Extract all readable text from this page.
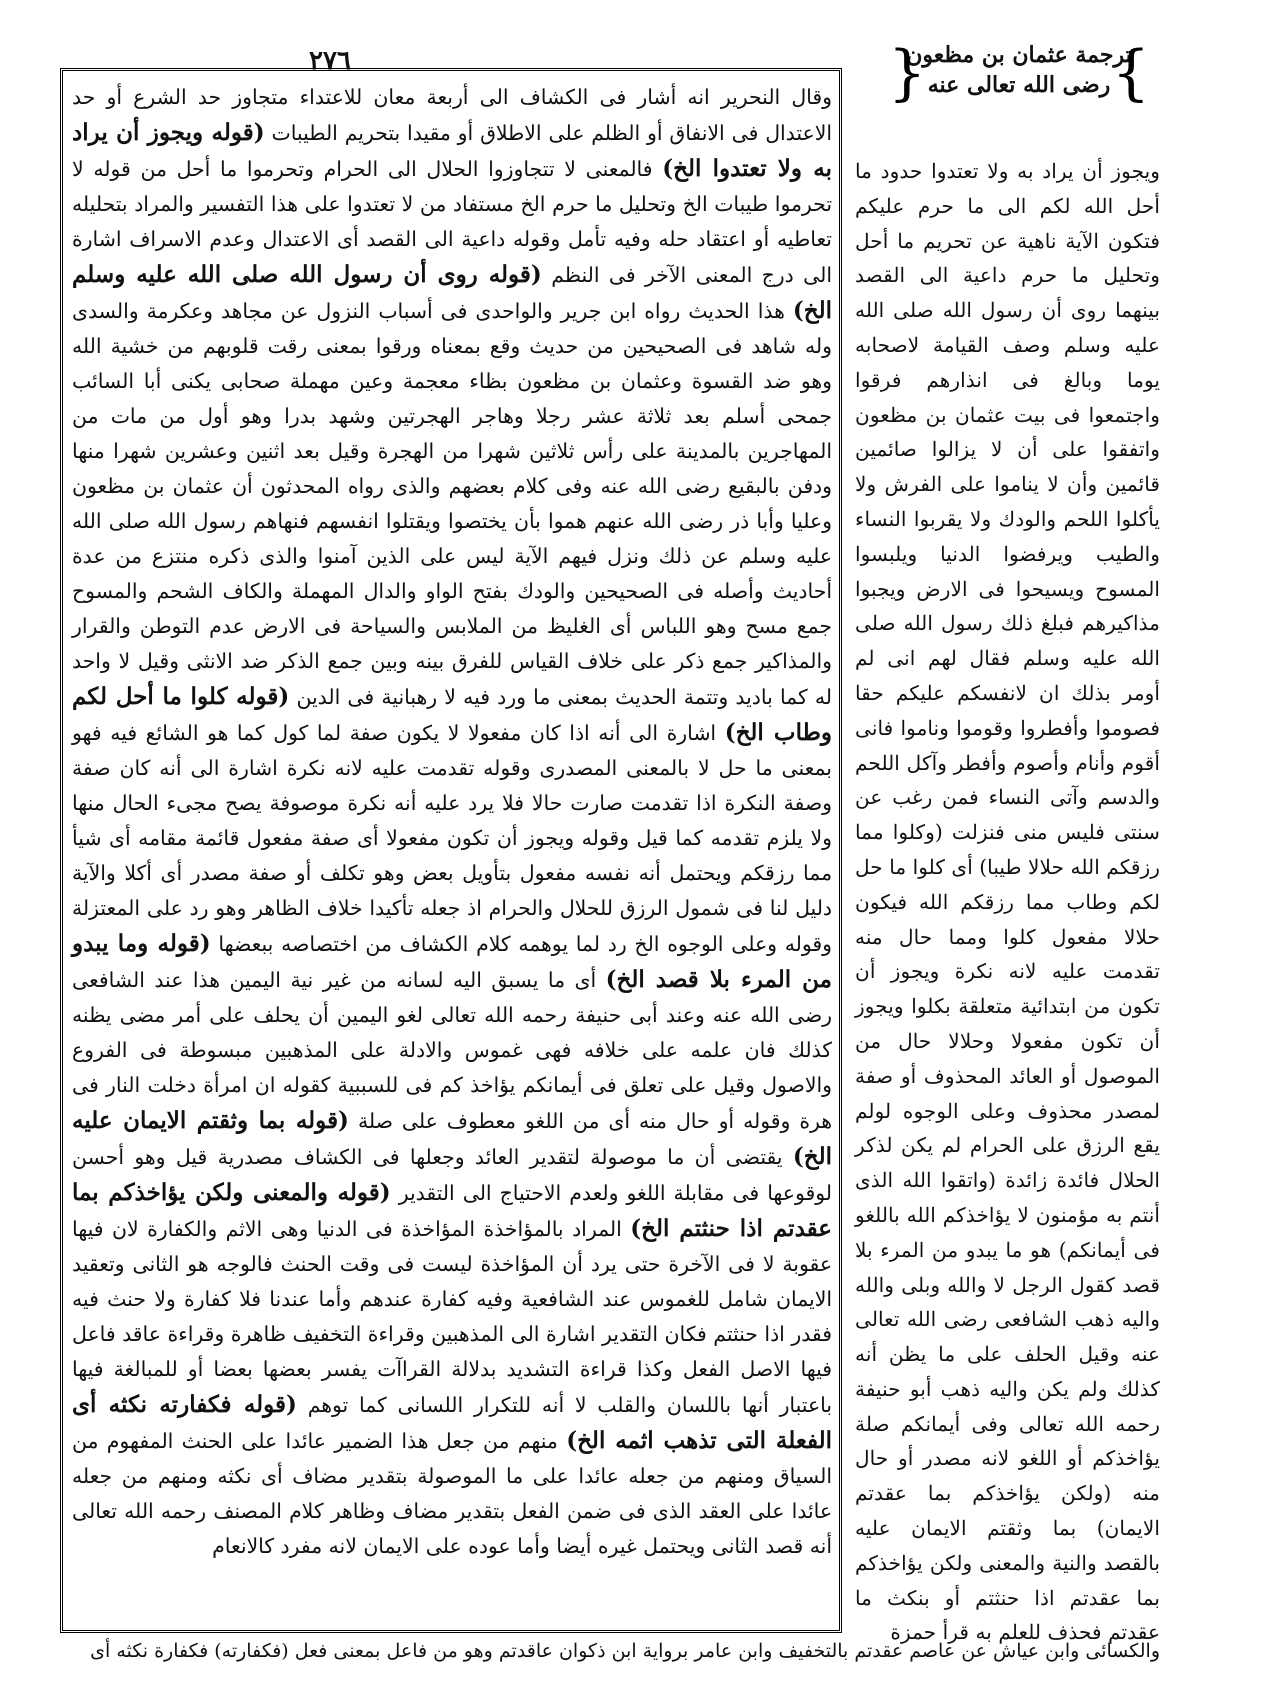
٢٧٦	}
ترجمة عثمان بن مظعون
رضى الله تعالى عنه
{
وقال النحرير انه أشار فى الكشاف الى أربعة معان للاعتداء متجاوز حد الشرع أو حد الاعتدال فى الانفاق أو الظلم على الاطلاق أو مقيدا بتحريم الطيبات (قوله ويجوز أن يراد به ولا تعتدوا الخ) فالمعنى لا تتجاوزوا الحلال الى الحرام وتحرموا ما أحل من قوله لا تحرموا طيبات الخ وتحليل ما حرم الخ مستفاد من لا تعتدوا على هذا التفسير والمراد بتحليله تعاطيه أو اعتقاد حله وفيه تأمل وقوله داعية الى القصد أى الاعتدال وعدم الاسراف اشارة الى درج المعنى الآخر فى النظم (قوله روى أن رسول الله صلى الله عليه وسلم الخ) هذا الحديث رواه ابن جرير والواحدى فى أسباب النزول عن مجاهد وعكرمة والسدى وله شاهد فى الصحيحين من حديث وقع بمعناه ورقوا بمعنى رقت قلوبهم من خشية الله وهو ضد القسوة وعثمان بن مظعون بظاء معجمة وعين مهملة صحابى يكنى أبا السائب جمحى أسلم بعد ثلاثة عشر رجلا وهاجر الهجرتين وشهد بدرا وهو أول من مات من المهاجرين بالمدينة على رأس ثلاثين شهرا من الهجرة وقيل بعد اثنين وعشرين شهرا منها ودفن بالبقيع رضى الله عنه وفى كلام بعضهم والذى رواه المحدثون أن عثمان بن مظعون وعليا وأبا ذر رضى الله عنهم هموا بأن يختصوا ويقتلوا انفسهم فنهاهم رسول الله صلى الله عليه وسلم عن ذلك ونزل فيهم الآية ليس على الذين آمنوا والذى ذكره منتزع من عدة أحاديث وأصله فى الصحيحين والودك بفتح الواو والدال المهملة والكاف الشحم والمسوح جمع مسح وهو اللباس أى الغليظ من الملابس والسياحة فى الارض عدم التوطن والقرار والمذاكير جمع ذكر على خلاف القياس للفرق بينه وبين جمع الذكر ضد الانثى وقيل لا واحد له كما باديد وتتمة الحديث بمعنى ما ورد فيه لا رهبانية فى الدين (قوله كلوا ما أحل لكم وطاب الخ) اشارة الى أنه اذا كان مفعولا لا يكون صفة لما كول كما هو الشائع فيه فهو بمعنى ما حل لا بالمعنى المصدرى وقوله تقدمت عليه لانه نكرة اشارة الى أنه كان صفة وصفة النكرة اذا تقدمت صارت حالا فلا يرد عليه أنه نكرة موصوفة يصح مجىء الحال منها ولا يلزم تقدمه كما قيل وقوله ويجوز أن تكون مفعولا أى صفة مفعول قائمة مقامه أى شيأ مما رزقكم ويحتمل أنه نفسه مفعول بتأويل بعض وهو تكلف أو صفة مصدر أى أكلا والآية دليل لنا فى شمول الرزق للحلال والحرام اذ جعله تأكيدا خلاف الظاهر وهو رد على المعتزلة وقوله وعلى الوجوه الخ رد لما يوهمه كلام الكشاف من اختصاصه ببعضها (قوله وما يبدو من المرء بلا قصد الخ) أى ما يسبق اليه لسانه من غير نية اليمين هذا عند الشافعى رضى الله عنه وعند أبى حنيفة رحمه الله تعالى لغو اليمين أن يحلف على أمر مضى يظنه كذلك فان علمه على خلافه فهى غموس والادلة على المذهبين مبسوطة فى الفروع والاصول وقيل على تعلق فى أيمانكم يؤاخذ كم فى للسببية كقوله ان امرأة دخلت النار فى هرة وقوله أو حال منه أى من اللغو معطوف على صلة (قوله بما وثقتم الايمان عليه الخ) يقتضى أن ما موصولة لتقدير العائد وجعلها فى الكشاف مصدرية قيل وهو أحسن لوقوعها فى مقابلة اللغو ولعدم الاحتياج الى التقدير (قوله والمعنى ولكن يؤاخذكم بما عقدتم اذا حنثتم الخ) المراد بالمؤاخذة المؤاخذة فى الدنيا وهى الاثم والكفارة لان فيها عقوبة لا فى الآخرة حتى يرد أن المؤاخذة ليست فى وقت الحنث فالوجه هو الثانى وتعقيد الايمان شامل للغموس عند الشافعية وفيه كفارة عندهم وأما عندنا فلا كفارة ولا حنث فيه فقدر اذا حنثتم فكان التقدير اشارة الى المذهبين وقراءة التخفيف ظاهرة وقراءة عاقد فاعل فيها الاصل الفعل وكذا قراءة التشديد بدلالة القراآت يفسر بعضها بعضا أو للمبالغة فيها باعتبار أنها باللسان والقلب لا أنه للتكرار اللسانى كما توهم (قوله فكفارته نكثه أى الفعلة التى تذهب اثمه الخ) منهم من جعل هذا الضمير عائدا على الحنث المفهوم من السياق ومنهم من جعله عائدا على ما الموصولة بتقدير مضاف أى نكثه ومنهم من جعله عائدا على العقد الذى فى ضمن الفعل بتقدير مضاف وظاهر كلام المصنف رحمه الله تعالى أنه قصد الثانى ويحتمل غيره أيضا وأما عوده على الايمان لانه مفرد كالانعام
ويجوز أن يراد به ولا تعتدوا حدود ما أحل الله لكم الى ما حرم عليكم فتكون الآية ناهية عن تحريم ما أحل وتحليل ما حرم داعية الى القصد بينهما روى أن رسول الله صلى الله عليه وسلم وصف القيامة لاصحابه يوما وبالغ فى انذارهم فرقوا واجتمعوا فى بيت عثمان بن مظعون واتفقوا على أن لا يزالوا صائمين قائمين وأن لا يناموا على الفرش ولا يأكلوا اللحم والودك ولا يقربوا النساء والطيب ويرفضوا الدنيا ويلبسوا المسوح ويسيحوا فى الارض ويجبوا مذاكيرهم فبلغ ذلك رسول الله صلى الله عليه وسلم فقال لهم انى لم أومر بذلك ان لانفسكم عليكم حقا فصوموا وأفطروا وقوموا وناموا فانى أقوم وأنام وأصوم وأفطر وآكل اللحم والدسم وآتى النساء فمن رغب عن سنتى فليس منى فنزلت (وكلوا مما رزقكم الله حلالا طيبا) أى كلوا ما حل لكم وطاب مما رزقكم الله فيكون حلالا مفعول كلوا ومما حال منه تقدمت عليه لانه نكرة ويجوز أن تكون من ابتدائية متعلقة بكلوا ويجوز أن تكون مفعولا وحلالا حال من الموصول أو العائد المحذوف أو صفة لمصدر محذوف وعلى الوجوه لولم يقع الرزق على الحرام لم يكن لذكر الحلال فائدة زائدة (واتقوا الله الذى أنتم به مؤمنون لا يؤاخذكم الله باللغو فى أيمانكم) هو ما يبدو من المرء بلا قصد كقول الرجل لا والله وبلى والله واليه ذهب الشافعى رضى الله تعالى عنه وقيل الحلف على ما يظن أنه كذلك ولم يكن واليه ذهب أبو حنيفة رحمه الله تعالى وفى أيمانكم صلة يؤاخذكم أو اللغو لانه مصدر أو حال منه (ولكن يؤاخذكم بما عقدتم الايمان) بما وثقتم الايمان عليه بالقصد والنية والمعنى ولكن يؤاخذكم بما عقدتم اذا حنثتم أو بنكث ما عقدتم فحذف للعلم به قرأ حمزة
والكسائى وابن عياش عن عاصم عقدتم بالتخفيف وابن عامر برواية ابن ذكوان عاقدتم وهو من فاعل بمعنى فعل (فكفارته) فكفارة نكثه أى
